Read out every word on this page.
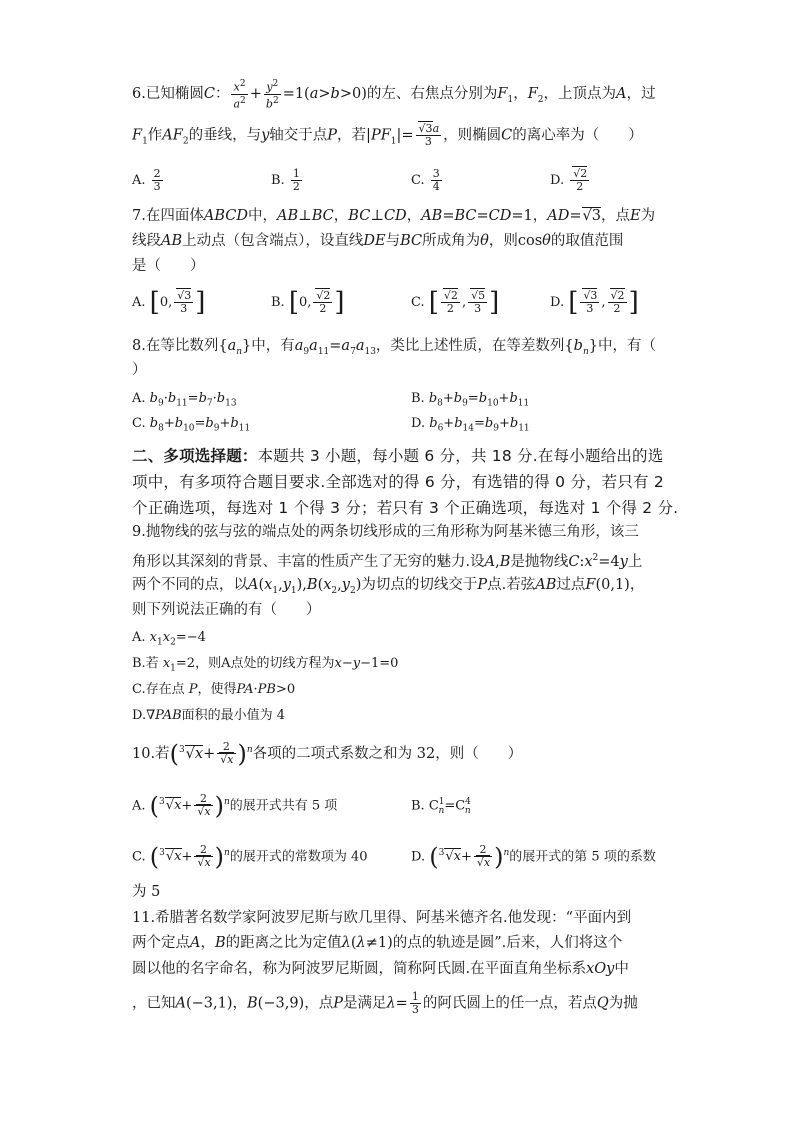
6.已知椭圆C： $\frac{x^2}{a^2} + \frac{y^2}{b^2} =1(a>b>0)$的左、右焦点分别为$F_1$，$F_2$，上顶点为A，过
$F_1$作$AF_2$的垂线，与y轴交于点P，若$|PF_1|= \frac{√3a}{3}$ ，则椭圆C的离心率为（　　）
A. $\frac{2}{3}$	B. $\frac{1}{2}$	C. $\frac{3}{4}$	D. $\frac{√2}{2}$
7.在四面体ABCD中，AB⊥BC，BC⊥CD，AB=BC=CD=1，AD=√3，点E为
线段AB上动点（包含端点），设直线DE与BC所成角为θ，则cosθ的取值范围
是（　　）
A. [0, $\frac{√3}{3}$ ]	B. [0, $\frac{√2}{2}$ ]	C. [ $\frac{√2}{2}$ , $\frac{√5}{3}$ ]	D. [ $\frac{√3}{3}$ , $\frac{√2}{2}$ ]
8.在等比数列$\{a_n\}$中，有$a_9a_{11}=a_7a_{13}$，类比上述性质，在等差数列$\{b_n\}$中，有（
）
A. $b_9\cdot b_{11}=b_7\cdot b_{13}$	B. $b_8+b_9=b_{10}+b_{11}$
C. $b_8+b_{10}=b_9+b_{11}$	D. $b_6+b_{14}=b_9+b_{11}$
二、多项选择题：本题共 3 小题，每小题 6 分，共 18 分.在每小题给出的选
项中，有多项符合题目要求.全部选对的得 6 分，有选错的得 0 分，若只有 2
个正确选项，每选对 1 个得 3 分；若只有 3 个正确选项，每选对 1 个得 2 分.
9.抛物线的弦与弦的端点处的两条切线形成的三角形称为阿基米德三角形，该三
角形以其深刻的背景、丰富的性质产生了无穷的魅力.设A,B是抛物线$C:x^2=4y$上
两个不同的点，以$A(x_1,y_1),B(x_2,y_2)$为切点的切线交于P点.若弦AB过点F(0,1)，
则下列说法正确的有（　　）
A. $x_1x_2=-4$
B.若 $x_1=2$，则A点处的切线方程为x−y−1=0
C.存在点 P，使得PA·PB>0
D.∇PAB面积的最小值为 4
10.若$(^3√x+ \frac{2}{√x} )^n$各项的二项式系数之和为 32，则（　　）
A. $(^3√x+ \frac{2}{√x} )^n$的展开式共有 5 项	B. $C^1_n=C^4_n$
C. $(^3√x+ \frac{2}{√x} )^n$的展开式的常数项为 40	D. $(^3√x+ \frac{2}{√x} )^n$的展开式的第 5 项的系数
为 5
11.希腊著名数学家阿波罗尼斯与欧几里得、阿基米德齐名.他发现：“平面内到
两个定点A，B的距离之比为定值λ(λ≠1)的点的轨迹是圆”.后来，人们将这个
圆以他的名字命名，称为阿波罗尼斯圆，简称阿氏圆.在平面直角坐标系xOy中
，已知A(−3,1)，B(−3,9)，点P是满足$\lambda= \frac{1}{3}$ 的阿氏圆上的任一点，若点Q为抛
